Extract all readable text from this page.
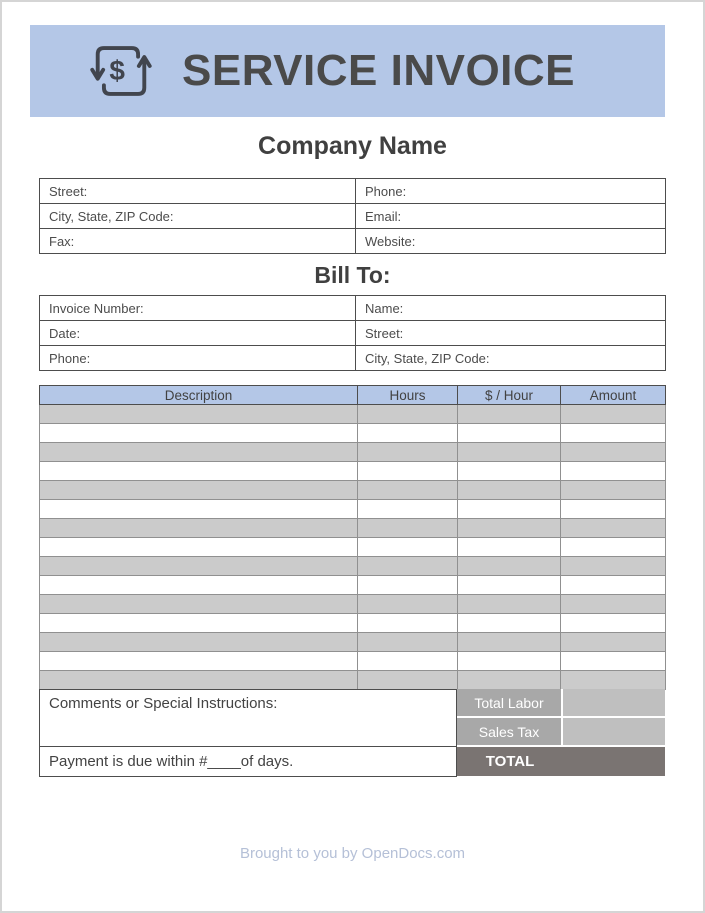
$ SERVICE INVOICE
Company Name
Street:	Phone:
City, State, ZIP Code:	Email:
Fax:	Website:
Bill To:
Invoice Number:	Name:
Date:	Street:
Phone:	City, State, ZIP Code:
Description	Hours	$ / Hour	Amount

Comments or Special Instructions:
Payment is due within #____of days.
Total Labor
Sales Tax
TOTAL
Brought to you by OpenDocs.com
